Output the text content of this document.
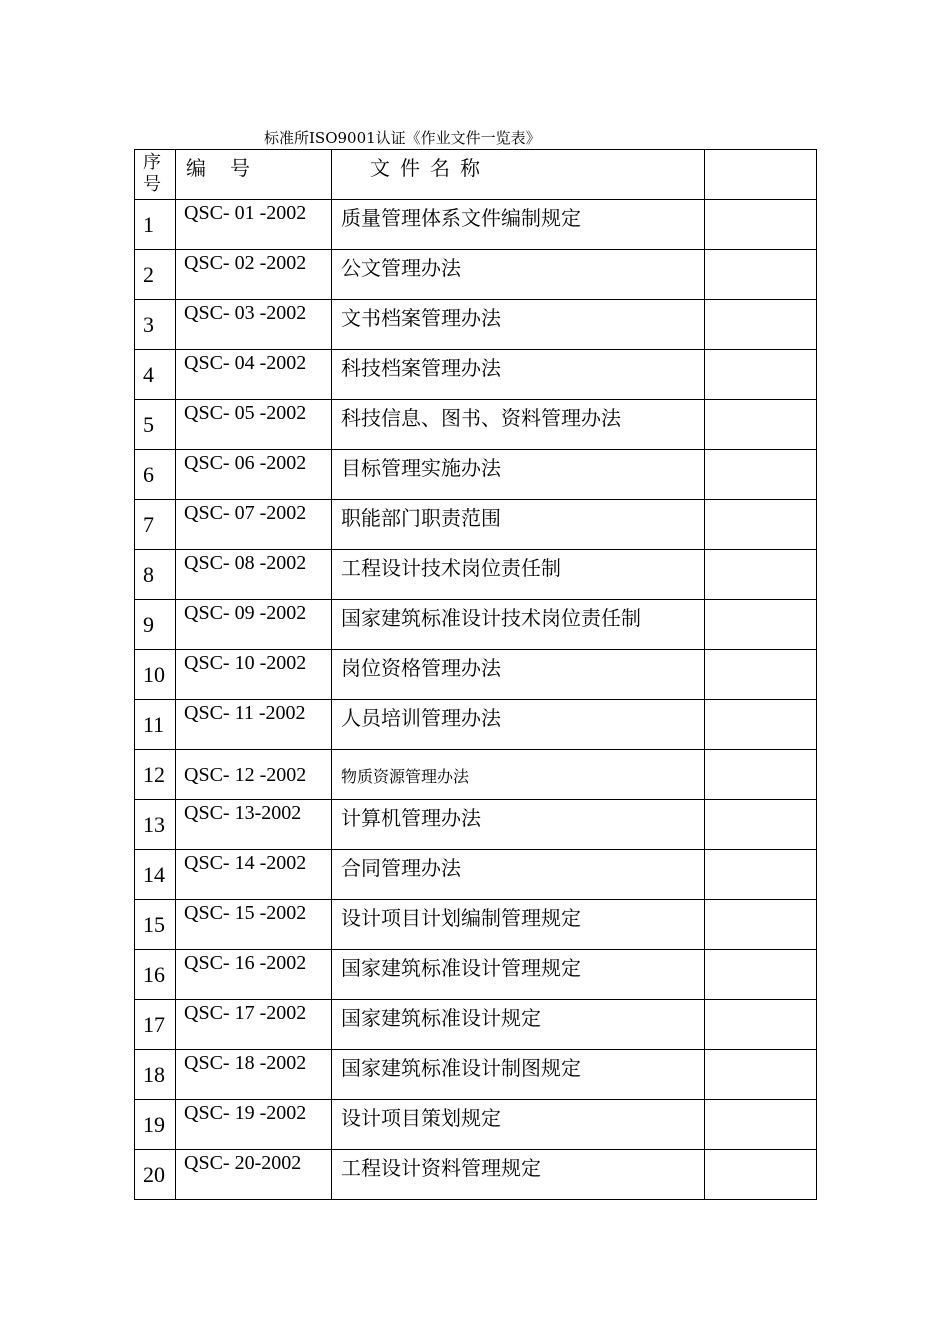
标准所ISO9001认证《作业文件一览表》
序号	编号	文件名称	
1	QSC- 01 -2002	质量管理体系文件编制规定	
2	QSC- 02 -2002	公文管理办法	
3	QSC- 03 -2002	文书档案管理办法	
4	QSC- 04 -2002	科技档案管理办法	
5	QSC- 05 -2002	科技信息、图书、资料管理办法	
6	QSC- 06 -2002	目标管理实施办法	
7	QSC- 07 -2002	职能部门职责范围	
8	QSC- 08 -2002	工程设计技术岗位责任制	
9	QSC- 09 -2002	国家建筑标准设计技术岗位责任制	
10	QSC- 10 -2002	岗位资格管理办法	
11	QSC- 11 -2002	人员培训管理办法	
12	QSC- 12 -2002	物质资源管理办法	
13	QSC- 13-2002	计算机管理办法	
14	QSC- 14 -2002	合同管理办法	
15	QSC- 15 -2002	设计项目计划编制管理规定	
16	QSC- 16 -2002	国家建筑标准设计管理规定	
17	QSC- 17 -2002	国家建筑标准设计规定	
18	QSC- 18 -2002	国家建筑标准设计制图规定	
19	QSC- 19 -2002	设计项目策划规定	
20	QSC- 20-2002	工程设计资料管理规定	
